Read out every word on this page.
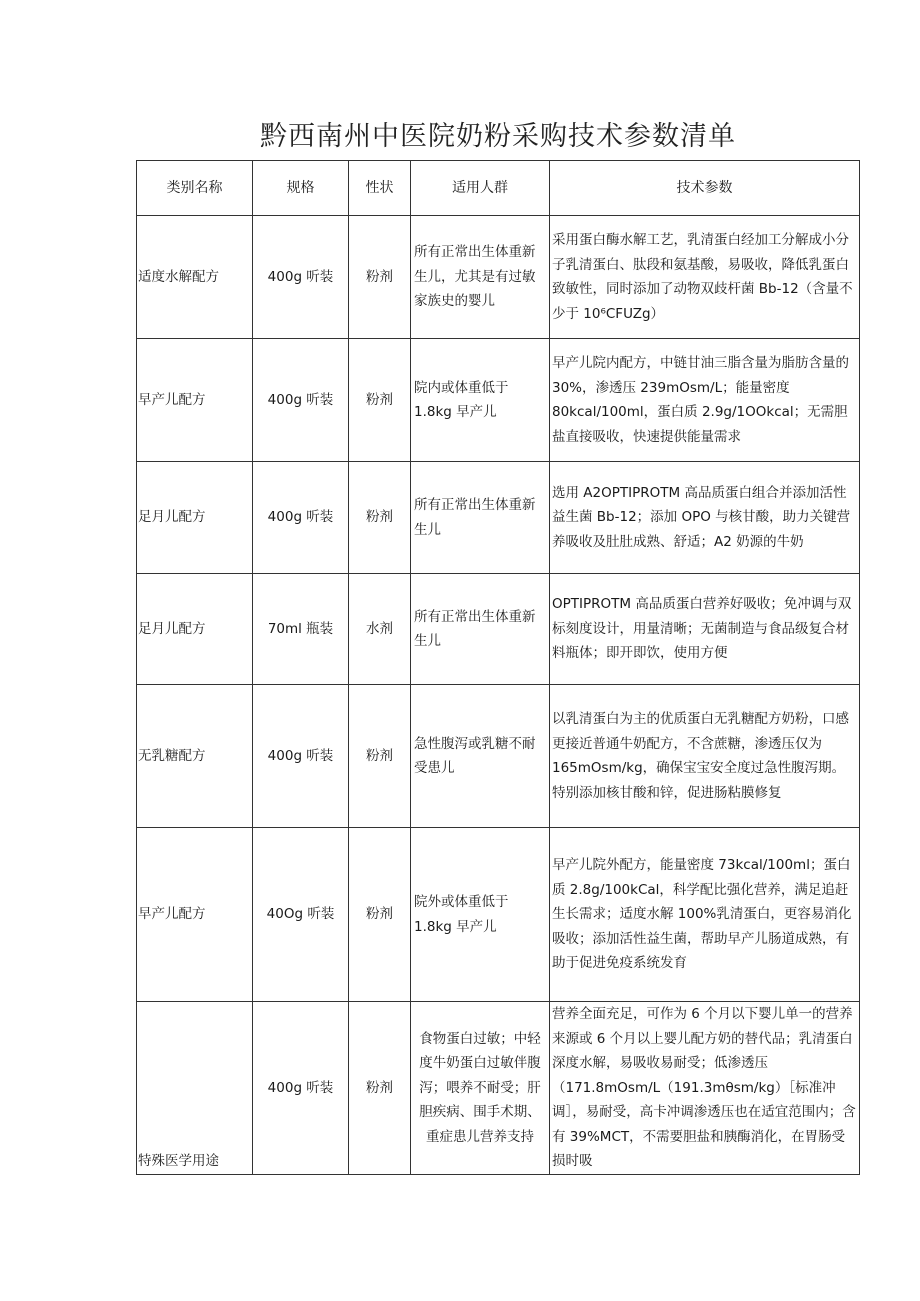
黔西南州中医院奶粉采购技术参数清单
类别名称	规格	性状	适用人群	技术参数
适度水解配方	400g 听装	粉剂	所有正常出生体重新生儿，尤其是有过敏家族史的婴儿	采用蛋白酶水解工艺，乳清蛋白经加工分解成小分子乳清蛋白、肽段和氨基酸，易吸收，降低乳蛋白致敏性，同时添加了动物双歧杆菌 Bb-12（含量不少于 10⁶CFUZg）
早产儿配方	400g 听装	粉剂	院内或体重低于 1.8kg 早产儿	早产儿院内配方，中链甘油三脂含量为脂肪含量的 30%，渗透压 239mOsm/L；能量密度 80kcal/100ml，蛋白质 2.9g/1OOkcal；无需胆盐直接吸收，快速提供能量需求
足月儿配方	400g 听装	粉剂	所有正常出生体重新生儿	选用 A2OPTIPROTM 高品质蛋白组合并添加活性益生菌 Bb-12；添加 OPO 与核甘酸，助力关键营养吸收及肚肚成熟、舒适；A2 奶源的牛奶
足月儿配方	70ml 瓶装	水剂	所有正常出生体重新生儿	OPTIPROTM 高品质蛋白营养好吸收；免冲调与双标刻度设计，用量清晰；无菌制造与食品级复合材料瓶体；即开即饮，使用方便
无乳糖配方	400g 听装	粉剂	急性腹泻或乳糖不耐受患儿	以乳清蛋白为主的优质蛋白无乳糖配方奶粉，口感更接近普通牛奶配方，不含蔗糖，渗透压仅为 165mOsm/kg，确保宝宝安全度过急性腹泻期。特别添加核甘酸和锌，促进肠粘膜修复
早产儿配方	40Og 听装	粉剂	院外或体重低于 1.8kg 早产儿	早产儿院外配方，能量密度 73kcal/100ml；蛋白质 2.8g/100kCal，科学配比强化营养，满足追赶生长需求；适度水解 100%乳清蛋白，更容易消化吸收；添加活性益生菌，帮助早产儿肠道成熟，有助于促进免疫系统发育
特殊医学用途	400g 听装	粉剂	食物蛋白过敏；中轻度牛奶蛋白过敏伴腹泻；喂养不耐受；肝胆疾病、围手术期、重症患儿营养支持	营养全面充足，可作为 6 个月以下婴儿单一的营养来源或 6 个月以上婴儿配方奶的替代品；乳清蛋白深度水解，易吸收易耐受；低渗透压（171.8mOsm/L（191.3mθsm/kg）［标准冲调］，易耐受，高卡冲调渗透压也在适宜范围内；含有 39%MCT，不需要胆盐和胰酶消化，在胃肠受损时吸
